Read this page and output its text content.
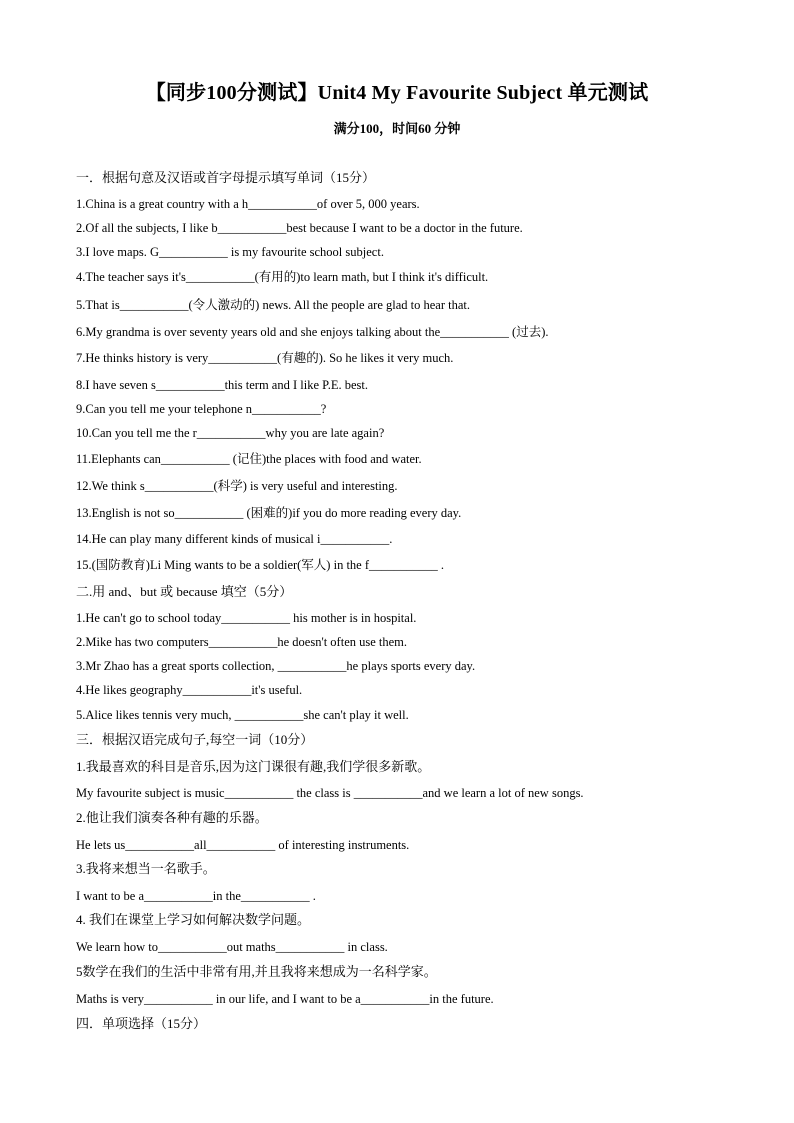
【同步100分测试】Unit4 My Favourite Subject 单元测试
满分100，时间60 分钟
一．根据句意及汉语或首字母提示填写单词（15分）
1.China is a great country with a h___________of over 5, 000 years.
2.Of all the subjects, I like b___________best because I want to be a doctor in the future.
3.I love maps. G___________ is my favourite school subject.
4.The teacher says it's___________(有用的)to learn math, but I think it's difficult.
5.That is___________(令人激动的) news. All the people are glad to hear that.
6.My grandma is over seventy years old and she enjoys talking about the___________ (过去).
7.He thinks history is very___________(有趣的). So he likes it very much.
8.I have seven s___________this term and I like P.E. best.
9.Can you tell me your telephone n___________?
10.Can you tell me the r___________why you are late again?
11.Elephants can___________ (记住)the places with food and water.
12.We think s___________(科学) is very useful and interesting.
13.English is not so___________ (困难的)if you do more reading every day.
14.He can play many different kinds of musical i___________.
15.(国防教育)Li Ming wants to be a soldier(军人) in the f___________ .
二.用 and、but 或 because 填空（5分）
1.He can't go to school today___________ his mother is in hospital.
2.Mike has two computers___________he doesn't often use them.
3.Mr Zhao has a great sports collection, ___________he plays sports every day.
4.He likes geography___________it's useful.
5.Alice likes tennis very much, ___________she can't play it well.
三．根据汉语完成句子,每空一词（10分）
1.我最喜欢的科目是音乐,因为这门课很有趣,我们学很多新歌。
My favourite subject is music___________ the class is ___________and we learn a lot of new songs.
2.他让我们演奏各种有趣的乐器。
He lets us___________all___________ of interesting instruments.
3.我将来想当一名歌手。
I want to be a___________in the___________ .
4. 我们在课堂上学习如何解决数学问题。
We learn how to___________out maths___________ in class.
5数学在我们的生活中非常有用,并且我将来想成为一名科学家。
Maths is very___________ in our life, and I want to be a___________in the future.
四．单项选择（15分）
